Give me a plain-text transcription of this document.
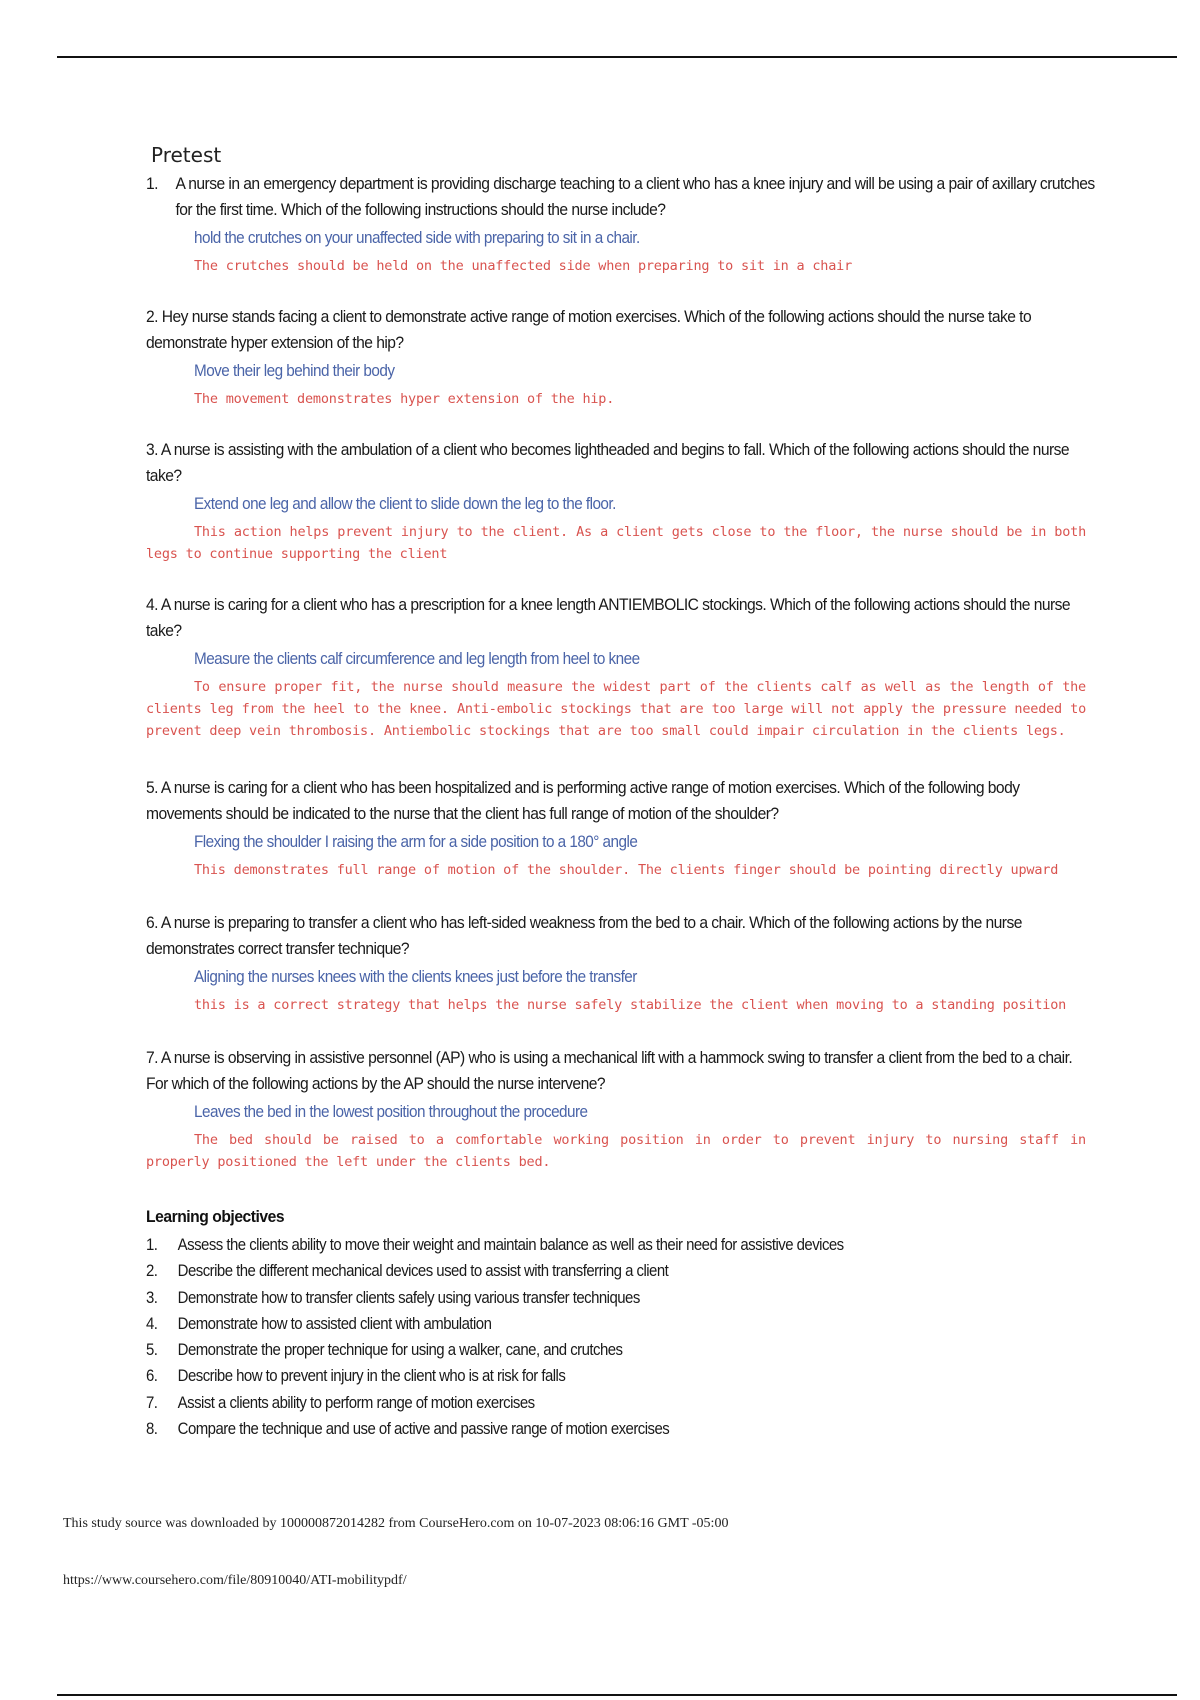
Pretest
1. A nurse in an emergency department is providing discharge teaching to a client who has a knee injury and will be using a pair of axillary crutches for the first time. Which of the following instructions should the nurse include?
hold the crutches on your unaffected side with preparing to sit in a chair.
The crutches should be held on the unaffected side when preparing to sit in a chair
2. Hey nurse stands facing a client to demonstrate active range of motion exercises. Which of the following actions should the nurse take to demonstrate hyper extension of the hip?
Move their leg behind their body
The movement demonstrates hyper extension of the hip.
3. A nurse is assisting with the ambulation of a client who becomes lightheaded and begins to fall. Which of the following actions should the nurse take?
Extend one leg and allow the client to slide down the leg to the floor.
This action helps prevent injury to the client. As a client gets close to the floor, the nurse should be in both legs to continue supporting the client
4. A nurse is caring for a client who has a prescription for a knee length ANTIEMBOLIC stockings. Which of the following actions should the nurse take?
Measure the clients calf circumference and leg length from heel to knee
To ensure proper fit, the nurse should measure the widest part of the clients calf as well as the length of the clients leg from the heel to the knee. Anti-embolic stockings that are too large will not apply the pressure needed to prevent deep vein thrombosis. Antiembolic stockings that are too small could impair circulation in the clients legs.
5. A nurse is caring for a client who has been hospitalized and is performing active range of motion exercises. Which of the following body movements should be indicated to the nurse that the client has full range of motion of the shoulder?
Flexing the shoulder I raising the arm for a side position to a 180° angle
This demonstrates full range of motion of the shoulder. The clients finger should be pointing directly upward
6. A nurse is preparing to transfer a client who has left-sided weakness from the bed to a chair. Which of the following actions by the nurse demonstrates correct transfer technique?
Aligning the nurses knees with the clients knees just before the transfer
this is a correct strategy that helps the nurse safely stabilize the client when moving to a standing position
7. A nurse is observing in assistive personnel (AP) who is using a mechanical lift with a hammock swing to transfer a client from the bed to a chair. For which of the following actions by the AP should the nurse intervene?
Leaves the bed in the lowest position throughout the procedure
The bed should be raised to a comfortable working position in order to prevent injury to nursing staff in properly positioned the left under the clients bed.
Learning objectives
1. Assess the clients ability to move their weight and maintain balance as well as their need for assistive devices
2. Describe the different mechanical devices used to assist with transferring a client
3. Demonstrate how to transfer clients safely using various transfer techniques
4. Demonstrate how to assisted client with ambulation
5. Demonstrate the proper technique for using a walker, cane, and crutches
6. Describe how to prevent injury in the client who is at risk for falls
7. Assist a clients ability to perform range of motion exercises
8. Compare the technique and use of active and passive range of motion exercises
This study source was downloaded by 100000872014282 from CourseHero.com on 10-07-2023 08:06:16 GMT -05:00
https://www.coursehero.com/file/80910040/ATI-mobilitypdf/
